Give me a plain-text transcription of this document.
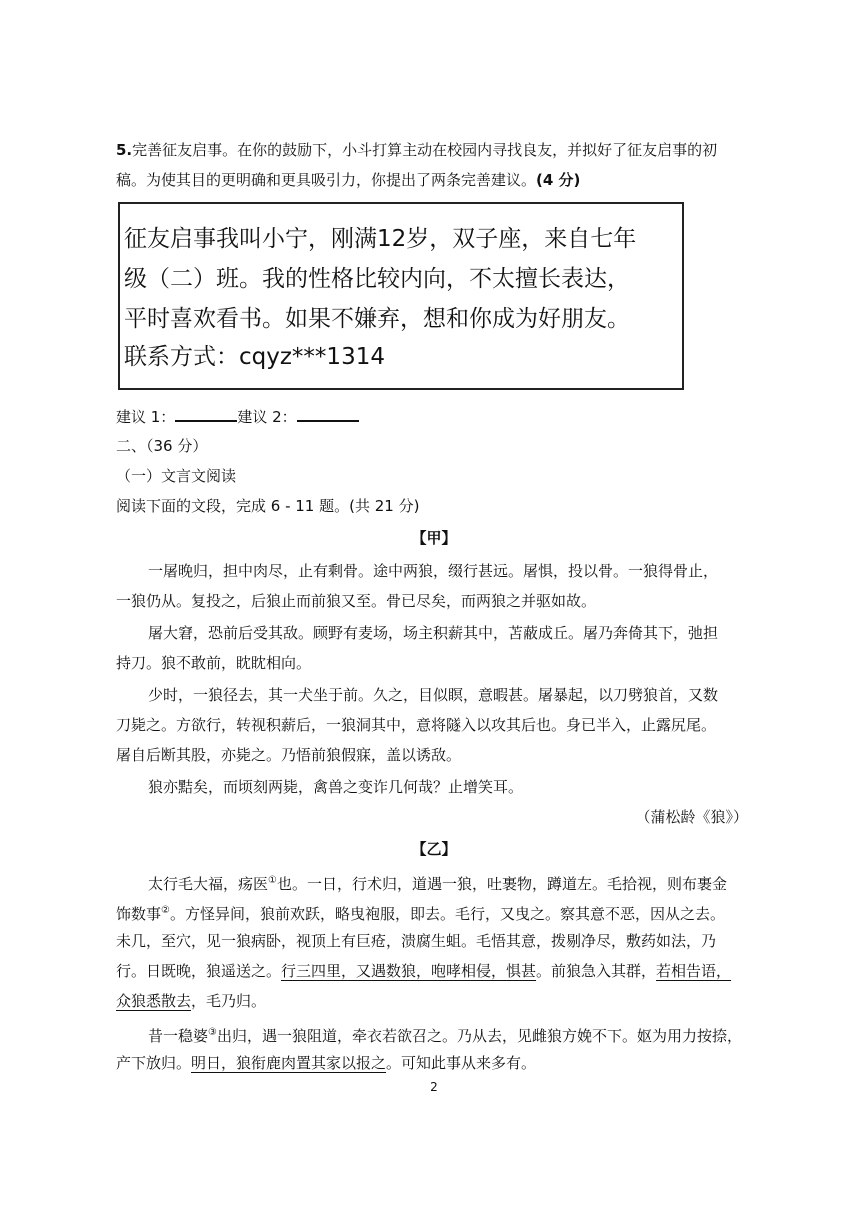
5.完善征友启事。在你的鼓励下，小斗打算主动在校园内寻找良友，并拟好了征友启事的初
稿。为使其目的更明确和更具吸引力，你提出了两条完善建议。(4 分)
征友启事我叫小宁，刚满12岁，双子座，来自七年
级（二）班。我的性格比较内向，不太擅长表达，
平时喜欢看书。如果不嫌弃，想和你成为好朋友。
联系方式：cqyz***1314
建议 1：	建议 2：
二、（36 分）
（一）文言文阅读
阅读下面的文段，完成 6 - 11 题。(共 21 分)
【甲】
一屠晚归，担中肉尽，止有剩骨。途中两狼，缀行甚远。屠惧，投以骨。一狼得骨止，
一狼仍从。复投之，后狼止而前狼又至。骨已尽矣，而两狼之并驱如故。
屠大窘，恐前后受其敌。顾野有麦场，场主积薪其中，苫蔽成丘。屠乃奔倚其下，弛担
持刀。狼不敢前，眈眈相向。
少时，一狼径去，其一犬坐于前。久之，目似瞑，意暇甚。屠暴起，以刀劈狼首，又数
刀毙之。方欲行，转视积薪后，一狼洞其中，意将隧入以攻其后也。身已半入，止露尻尾。
屠自后断其股，亦毙之。乃悟前狼假寐，盖以诱敌。
狼亦黠矣，而顷刻两毙，禽兽之变诈几何哉？止增笑耳。
（蒲松龄《狼》）
【乙】
太行毛大福，疡医①也。一日，行术归，道遇一狼，吐裹物，蹲道左。毛拾视，则布裹金
饰数事②。方怪异间，狼前欢跃，略曳袍服，即去。毛行，又曳之。察其意不恶，因从之去。
未几，至穴，见一狼病卧，视顶上有巨疮，溃腐生蛆。毛悟其意，拨剔净尽，敷药如法，乃
行。日既晚，狼遥送之。行三四里，又遇数狼，咆哮相侵，惧甚。前狼急入其群，若相告语，
众狼悉散去，毛乃归。
昔一稳婆③出归，遇一狼阻道，牵衣若欲召之。乃从去，见雌狼方娩不下。妪为用力按捺，
产下放归。明日，狼衔鹿肉置其家以报之。可知此事从来多有。
2
